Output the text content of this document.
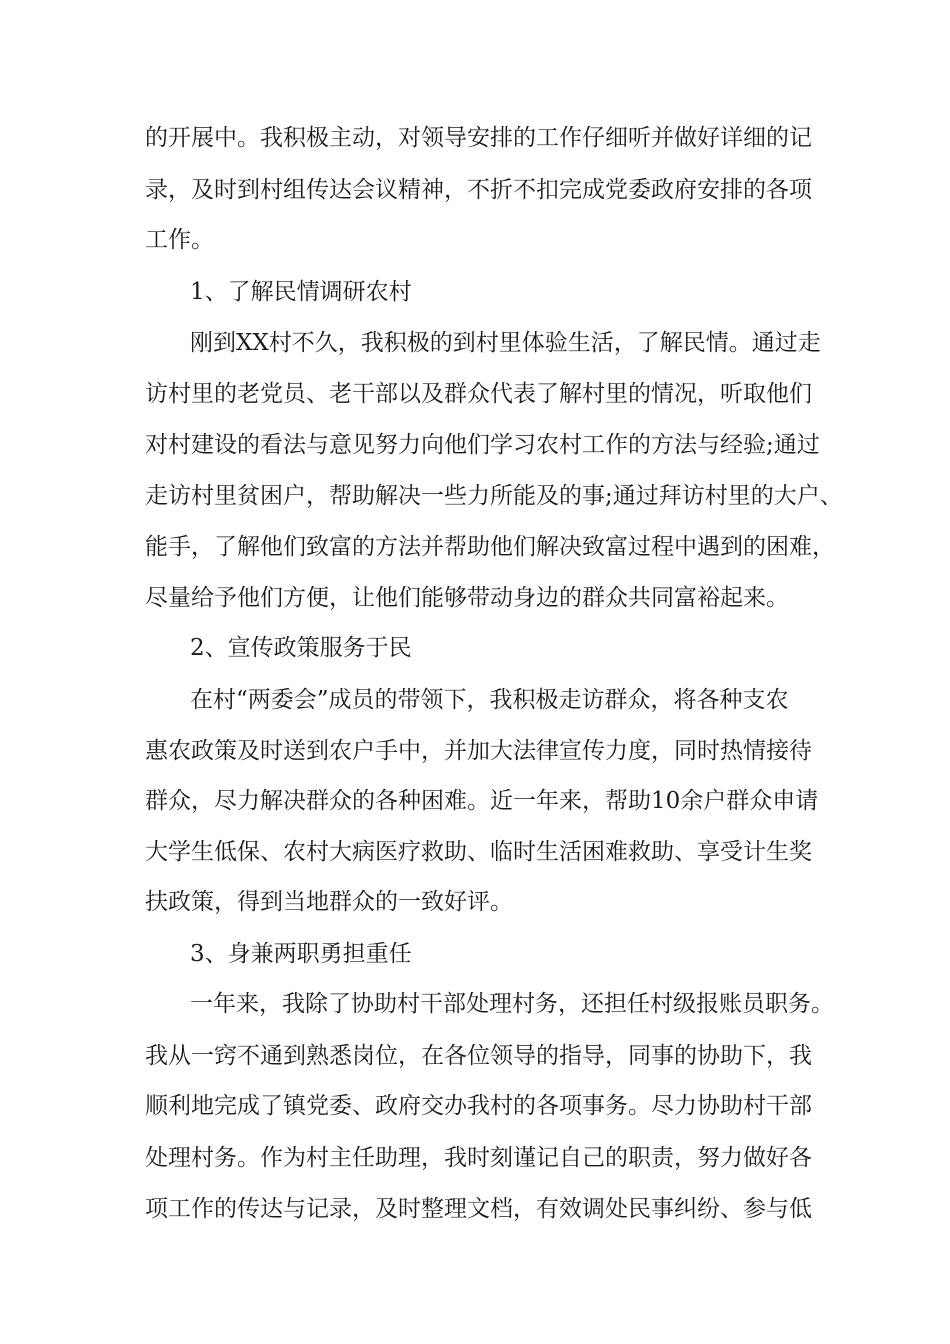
的开展中。我积极主动，对领导安排的工作仔细听并做好详细的记
录，及时到村组传达会议精神，不折不扣完成党委政府安排的各项
工作。
1、了解民情调研农村
刚到XX村不久，我积极的到村里体验生活，了解民情。通过走
访村里的老党员、老干部以及群众代表了解村里的情况，听取他们
对村建设的看法与意见努力向他们学习农村工作的方法与经验;通过
走访村里贫困户，帮助解决一些力所能及的事;通过拜访村里的大户、
能手，了解他们致富的方法并帮助他们解决致富过程中遇到的困难，
尽量给予他们方便，让他们能够带动身边的群众共同富裕起来。
2、宣传政策服务于民
在村“两委会”成员的带领下，我积极走访群众，将各种支农
惠农政策及时送到农户手中，并加大法律宣传力度，同时热情接待
群众，尽力解决群众的各种困难。近一年来，帮助10余户群众申请
大学生低保、农村大病医疗救助、临时生活困难救助、享受计生奖
扶政策，得到当地群众的一致好评。
3、身兼两职勇担重任
一年来，我除了协助村干部处理村务，还担任村级报账员职务。
我从一窍不通到熟悉岗位，在各位领导的指导，同事的协助下，我
顺利地完成了镇党委、政府交办我村的各项事务。尽力协助村干部
处理村务。作为村主任助理，我时刻谨记自己的职责，努力做好各
项工作的传达与记录，及时整理文档，有效调处民事纠纷、参与低
